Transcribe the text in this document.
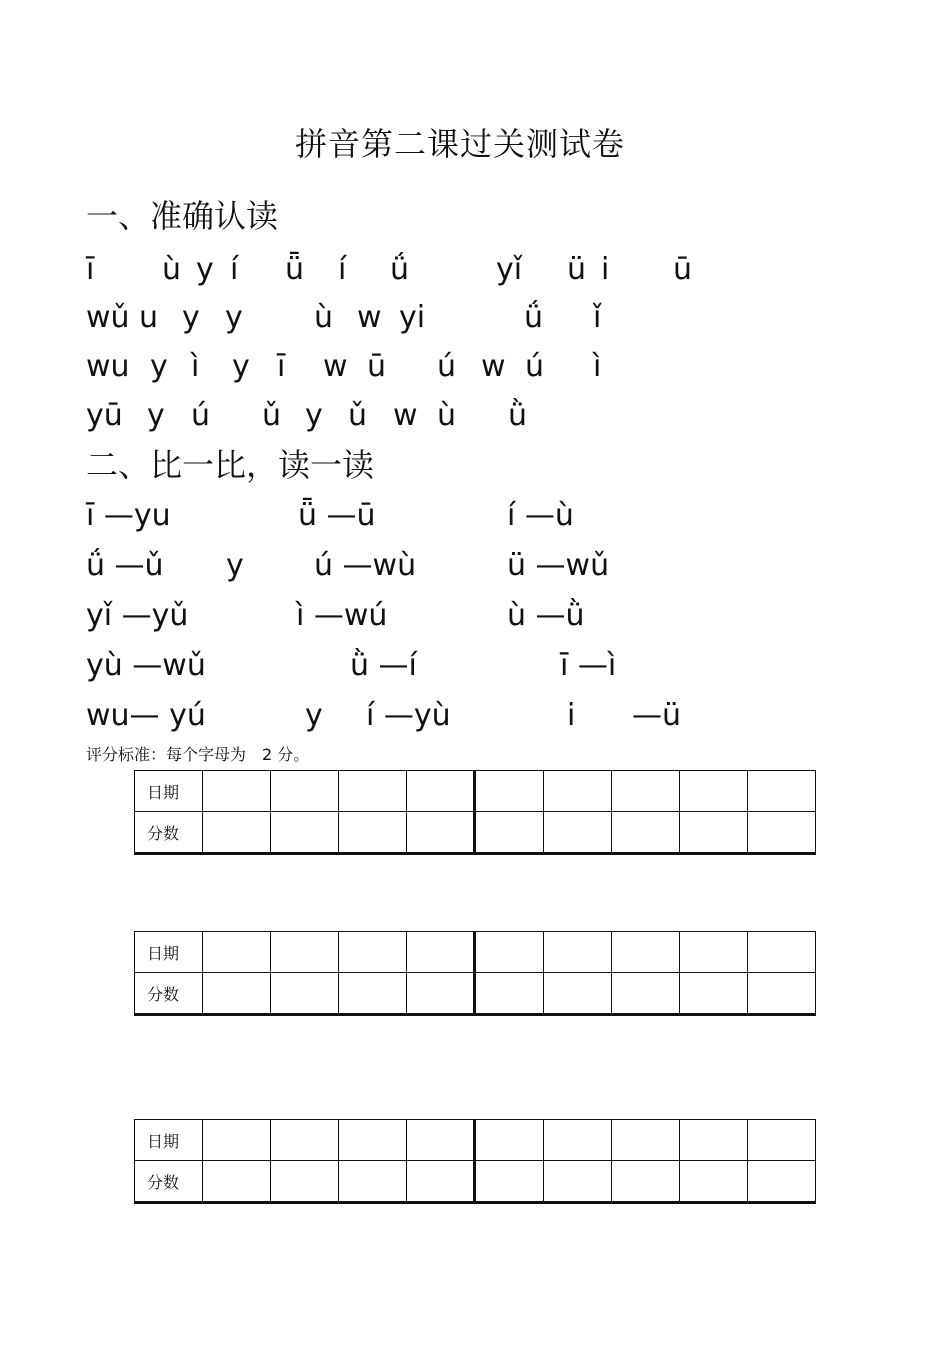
拼音第二课过关测试卷
一、准确认读
ī ù y í ǖ í ǘ	yǐ ü i ū
wǔ u y y ù w yi	ǘ ǐ
wu y ì y ī w ū ú w ú ì
yū y ú ǔ y ǔ w ù ǜ
二、比一比，读一读
ī —yu	ǖ —ū	í —ù
ǘ —ǔ y ú —wù	ü —wǔ
yǐ —yǔ	ì —wú	ù —ǜ
yù —wǔ	ǜ —í	ī —ì
wu— yú	y í —yù	i —ü
评分标准：每个字母为　2 分。
日期									
分数									
日期									
分数									
日期									
分数									
